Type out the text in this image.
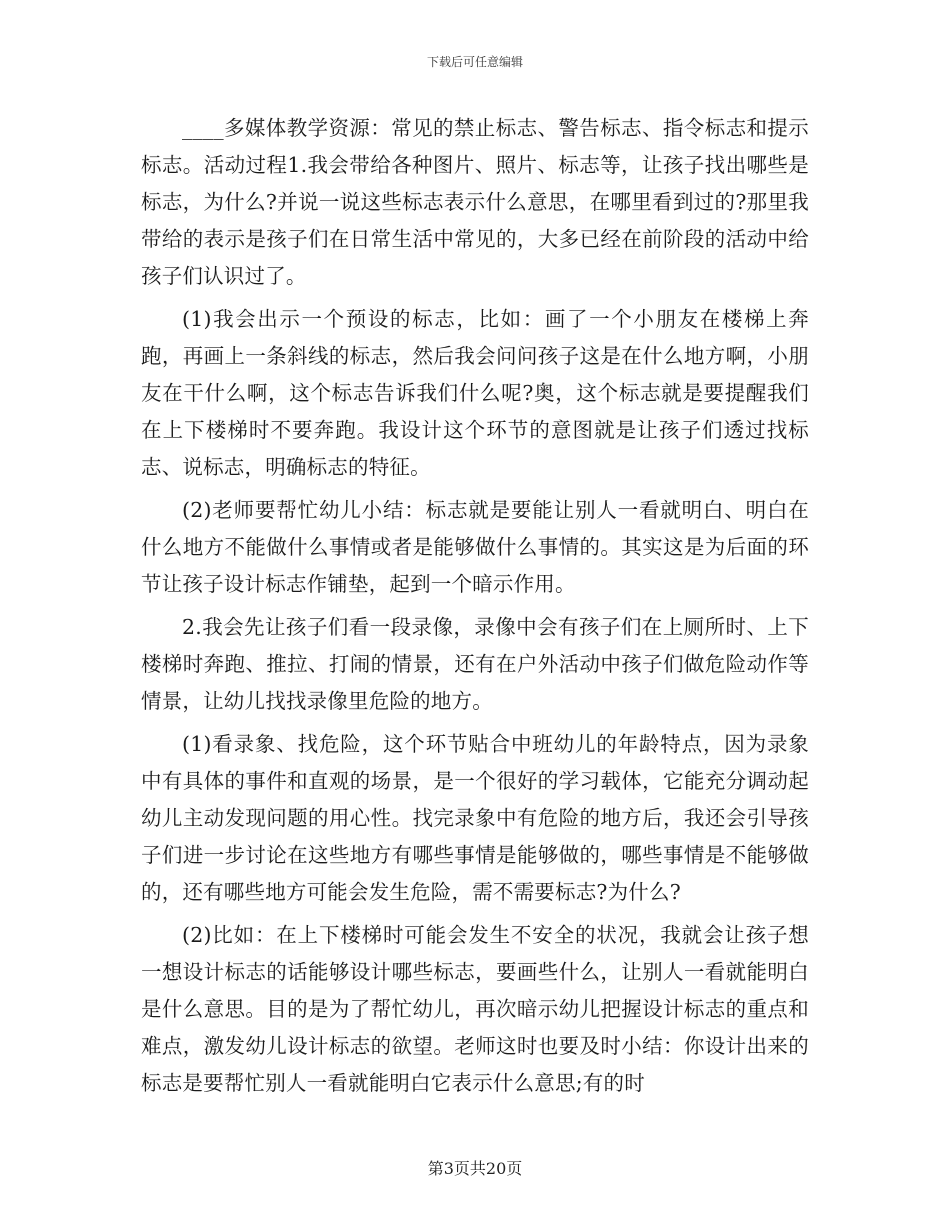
下载后可任意编辑

____多媒体教学资源：常见的禁止标志、警告标志、指令标志和提示标志。活动过程1.我会带给各种图片、照片、标志等，让孩子找出哪些是标志，为什么?并说一说这些标志表示什么意思，在哪里看到过的?那里我带给的表示是孩子们在日常生活中常见的，大多已经在前阶段的活动中给孩子们认识过了。

(1)我会出示一个预设的标志，比如：画了一个小朋友在楼梯上奔跑，再画上一条斜线的标志，然后我会问问孩子这是在什么地方啊，小朋友在干什么啊，这个标志告诉我们什么呢?奥，这个标志就是要提醒我们在上下楼梯时不要奔跑。我设计这个环节的意图就是让孩子们透过找标志、说标志，明确标志的特征。

(2)老师要帮忙幼儿小结：标志就是要能让别人一看就明白、明白在什么地方不能做什么事情或者是能够做什么事情的。其实这是为后面的环节让孩子设计标志作铺垫，起到一个暗示作用。

2.我会先让孩子们看一段录像，录像中会有孩子们在上厕所时、上下楼梯时奔跑、推拉、打闹的情景，还有在户外活动中孩子们做危险动作等情景，让幼儿找找录像里危险的地方。

(1)看录象、找危险，这个环节贴合中班幼儿的年龄特点，因为录象中有具体的事件和直观的场景，是一个很好的学习载体，它能充分调动起幼儿主动发现问题的用心性。找完录象中有危险的地方后，我还会引导孩子们进一步讨论在这些地方有哪些事情是能够做的，哪些事情是不能够做的，还有哪些地方可能会发生危险，需不需要标志?为什么?

(2)比如：在上下楼梯时可能会发生不安全的状况，我就会让孩子想一想设计标志的话能够设计哪些标志，要画些什么，让别人一看就能明白是什么意思。目的是为了帮忙幼儿，再次暗示幼儿把握设计标志的重点和难点，激发幼儿设计标志的欲望。老师这时也要及时小结：你设计出来的标志是要帮忙别人一看就能明白它表示什么意思;有的时

第3页共20页
